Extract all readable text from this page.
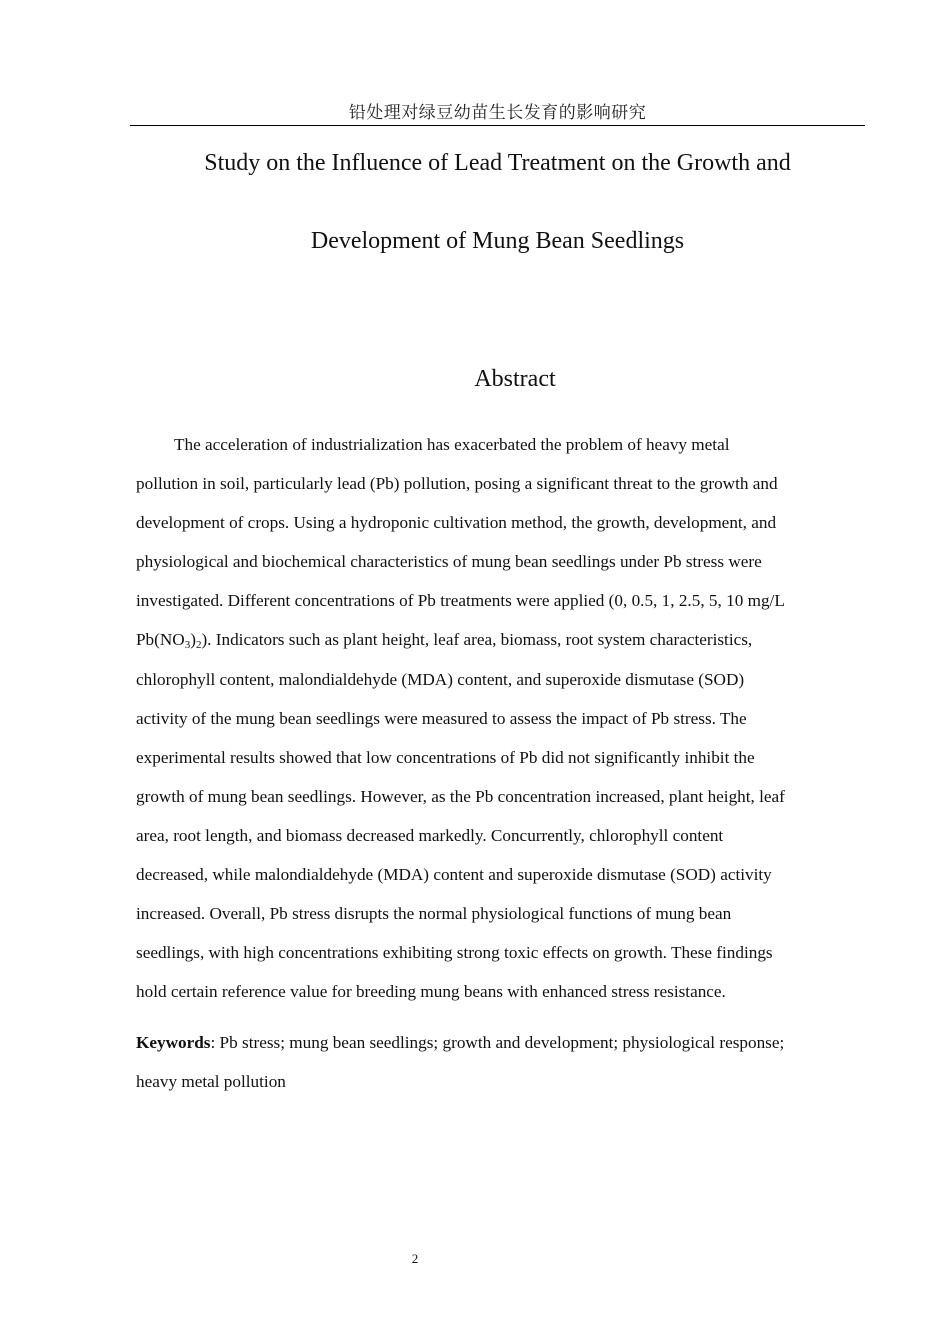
铅处理对绿豆幼苗生长发育的影响研究
Study on the Influence of Lead Treatment on the Growth and
Development of Mung Bean Seedlings
Abstract
The acceleration of industrialization has exacerbated the problem of heavy metal
pollution in soil, particularly lead (Pb) pollution, posing a significant threat to the growth and
development of crops. Using a hydroponic cultivation method, the growth, development, and
physiological and biochemical characteristics of mung bean seedlings under Pb stress were
investigated. Different concentrations of Pb treatments were applied (0, 0.5, 1, 2.5, 5, 10 mg/L
$Pb(NO_3)_2$). Indicators such as plant height, leaf area, biomass, root system characteristics,
chlorophyll content, malondialdehyde (MDA) content, and superoxide dismutase (SOD)
activity of the mung bean seedlings were measured to assess the impact of Pb stress. The
experimental results showed that low concentrations of Pb did not significantly inhibit the
growth of mung bean seedlings. However, as the Pb concentration increased, plant height, leaf
area, root length, and biomass decreased markedly. Concurrently, chlorophyll content
decreased, while malondialdehyde (MDA) content and superoxide dismutase (SOD) activity
increased. Overall, Pb stress disrupts the normal physiological functions of mung bean
seedlings, with high concentrations exhibiting strong toxic effects on growth. These findings
hold certain reference value for breeding mung beans with enhanced stress resistance.
Keywords: Pb stress; mung bean seedlings; growth and development; physiological response;
heavy metal pollution
2
